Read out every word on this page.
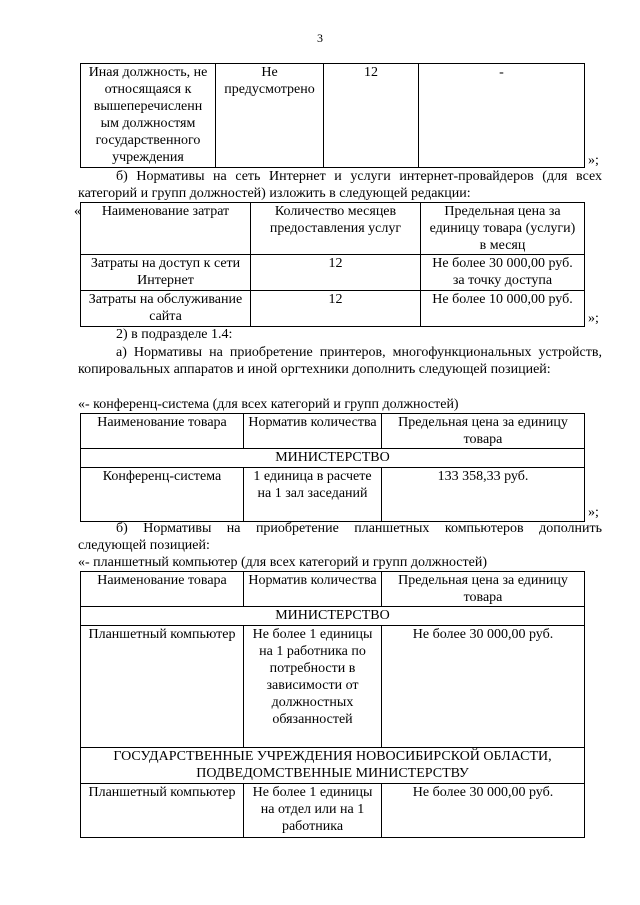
3
Иная должность, не относящаяся к вышеперечисленн ым должностям государственного учреждения	Не предусмотрено	12	-
»;
б) Нормативы на сеть Интернет и услуги интернет-провайдеров (для всех категорий и групп должностей) изложить в следующей редакции:
« Наименование затрат	Количество месяцев предоставления услуг	Предельная цена за единицу товара (услуги) в месяц
Затраты на доступ к сети Интернет	12	Не более 30 000,00 руб. за точку доступа
Затраты на обслуживание сайта	12	Не более 10 000,00 руб.
»;
2) в подразделе 1.4:
а) Нормативы на приобретение принтеров, многофункциональных устройств, копировальных аппаратов и иной оргтехники дополнить следующей позицией:
«- конференц-система (для всех категорий и групп должностей)
Наименование товара	Норматив количества	Предельная цена за единицу товара
МИНИСТЕРСТВО		
Конференц-система	1 единица в расчете на 1 зал заседаний	133 358,33 руб.
»;
б) Нормативы на приобретение планшетных компьютеров дополнить следующей позицией:
«- планшетный компьютер (для всех категорий и групп должностей)
Наименование товара	Норматив количества	Предельная цена за единицу товара
МИНИСТЕРСТВО		
Планшетный компьютер	Не более 1 единицы на 1 работника по потребности в зависимости от должностных обязанностей	Не более 30 000,00 руб.
ГОСУДАРСТВЕННЫЕ УЧРЕЖДЕНИЯ НОВОСИБИРСКОЙ ОБЛАСТИ, ПОДВЕДОМСТВЕННЫЕ МИНИСТЕРСТВУ		
Планшетный компьютер	Не более 1 единицы на отдел или на 1 работника	Не более 30 000,00 руб.
